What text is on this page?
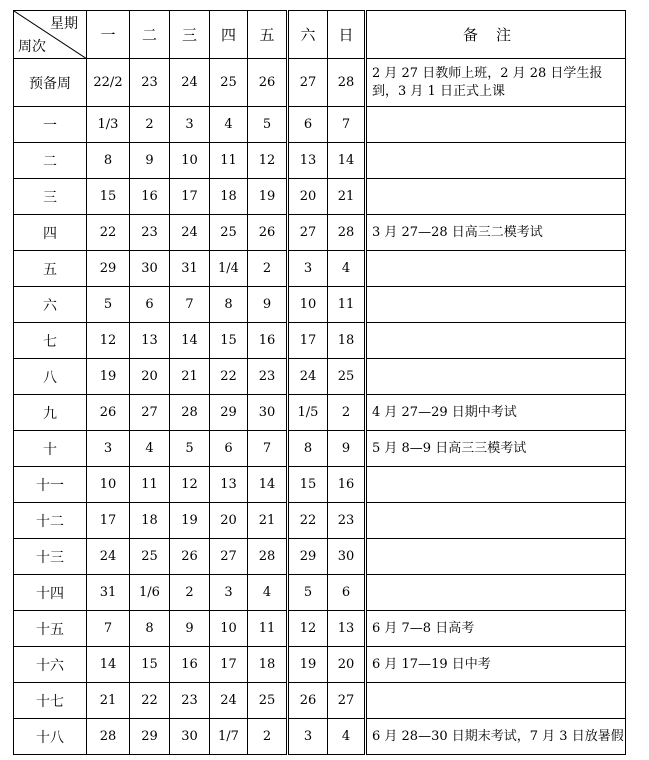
星期
周次	一	二	三	四	五	六	日	备注
预备周	22/2	23	24	25	26	27	28	2 月 27 日教师上班，2 月 28 日学生报到，3 月 1 日正式上课
一	1/3	2	3	4	5	6	7	
二	8	9	10	11	12	13	14	
三	15	16	17	18	19	20	21	
四	22	23	24	25	26	27	28	3 月 27—28 日高三二模考试
五	29	30	31	1/4	2	3	4	
六	5	6	7	8	9	10	11	
七	12	13	14	15	16	17	18	
八	19	20	21	22	23	24	25	
九	26	27	28	29	30	1/5	2	4 月 27—29 日期中考试
十	3	4	5	6	7	8	9	5 月 8—9 日高三三模考试
十一	10	11	12	13	14	15	16	
十二	17	18	19	20	21	22	23	
十三	24	25	26	27	28	29	30	
十四	31	1/6	2	3	4	5	6	
十五	7	8	9	10	11	12	13	6 月 7—8 日高考
十六	14	15	16	17	18	19	20	6 月 17—19 日中考
十七	21	22	23	24	25	26	27	
十八	28	29	30	1/7	2	3	4	6 月 28—30 日期末考试，7 月 3 日放暑假
